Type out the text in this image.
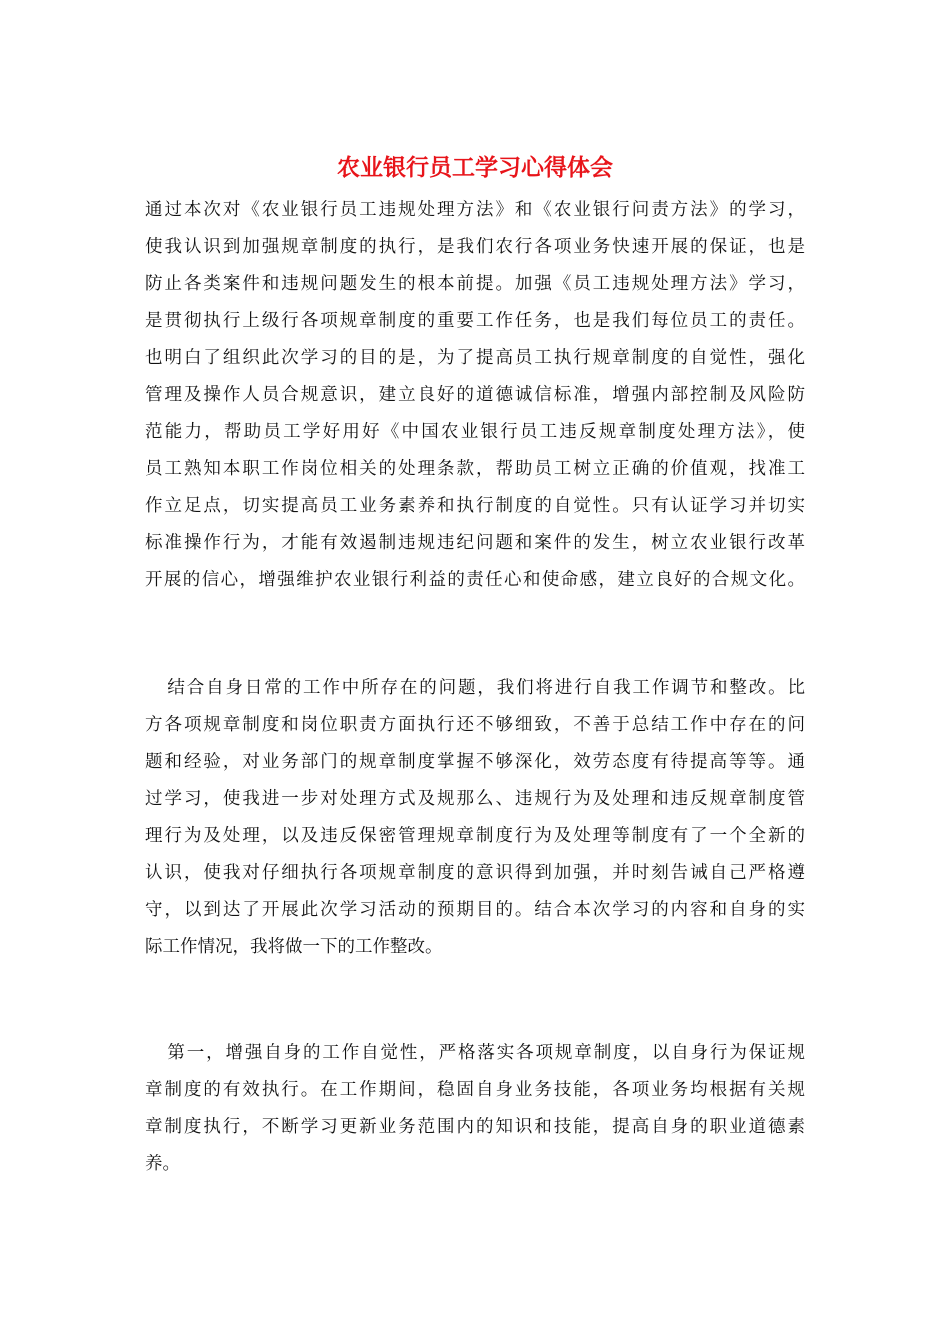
农业银行员工学习心得体会
通过本次对《农业银行员工违规处理方法》和《农业银行问责方法》的学习，
使我认识到加强规章制度的执行，是我们农行各项业务快速开展的保证，也是
防止各类案件和违规问题发生的根本前提。加强《员工违规处理方法》学习，
是贯彻执行上级行各项规章制度的重要工作任务，也是我们每位员工的责任。
也明白了组织此次学习的目的是，为了提高员工执行规章制度的自觉性，强化
管理及操作人员合规意识，建立良好的道德诚信标准，增强内部控制及风险防
范能力，帮助员工学好用好《中国农业银行员工违反规章制度处理方法》，使
员工熟知本职工作岗位相关的处理条款，帮助员工树立正确的价值观，找准工
作立足点，切实提高员工业务素养和执行制度的自觉性。只有认证学习并切实
标准操作行为，才能有效遏制违规违纪问题和案件的发生，树立农业银行改革
开展的信心，增强维护农业银行利益的责任心和使命感，建立良好的合规文化。
结合自身日常的工作中所存在的问题，我们将进行自我工作调节和整改。比
方各项规章制度和岗位职责方面执行还不够细致，不善于总结工作中存在的问
题和经验，对业务部门的规章制度掌握不够深化，效劳态度有待提高等等。通
过学习，使我进一步对处理方式及规那么、违规行为及处理和违反规章制度管
理行为及处理，以及违反保密管理规章制度行为及处理等制度有了一个全新的
认识，使我对仔细执行各项规章制度的意识得到加强，并时刻告诫自己严格遵
守，以到达了开展此次学习活动的预期目的。结合本次学习的内容和自身的实
际工作情况，我将做一下的工作整改。
第一，增强自身的工作自觉性，严格落实各项规章制度，以自身行为保证规
章制度的有效执行。在工作期间，稳固自身业务技能，各项业务均根据有关规
章制度执行，不断学习更新业务范围内的知识和技能，提高自身的职业道德素
养。
